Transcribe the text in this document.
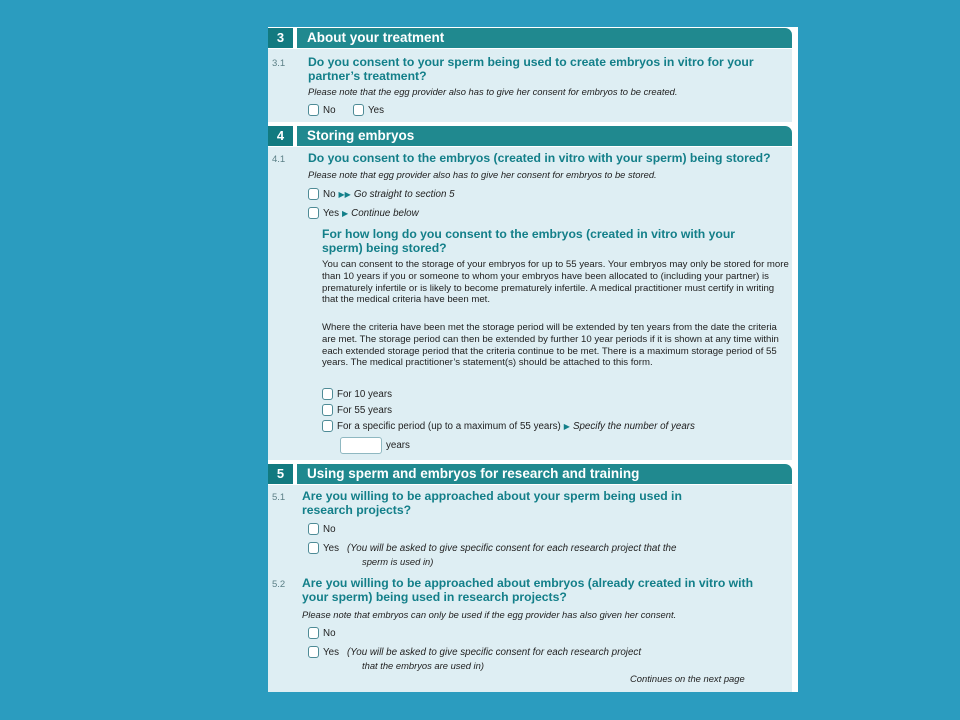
3	About your treatment
3.1 Do you consent to your sperm being used to create embryos in vitro for your partner’s treatment?
Please note that the egg provider also has to give her consent for embryos to be created.
No	Yes
4	Storing embryos
4.1 Do you consent to the embryos (created in vitro with your sperm) being stored?
Please note that egg provider also has to give her consent for embryos to be stored.
No ▶▶ Go straight to section 5
Yes ▶ Continue below
For how long do you consent to the embryos (created in vitro with your sperm) being stored?
You can consent to the storage of your embryos for up to 55 years. Your embryos may only be stored for more than 10 years if you or someone to whom your embryos have been allocated to (including your partner) is prematurely infertile or is likely to become prematurely infertile. A medical practitioner must certify in writing that the medical criteria have been met.
Where the criteria have been met the storage period will be extended by ten years from the date the criteria are met. The storage period can then be extended by further 10 year periods if it is shown at any time within each extended storage period that the criteria continue to be met. There is a maximum storage period of 55 years. The medical practitioner’s statement(s) should be attached to this form.
For 10 years
For 55 years
For a specific period (up to a maximum of 55 years) ▶ Specify the number of years
years
5	Using sperm and embryos for research and training
5.1 Are you willing to be approached about your sperm being used in research projects?
No
Yes (You will be asked to give specific consent for each research project that the
sperm is used in)
5.2 Are you willing to be approached about embryos (already created in vitro with your sperm) being used in research projects?
Please note that embryos can only be used if the egg provider has also given her consent.
No
Yes (You will be asked to give specific consent for each research project
that the embryos are used in)
Continues on the next page
